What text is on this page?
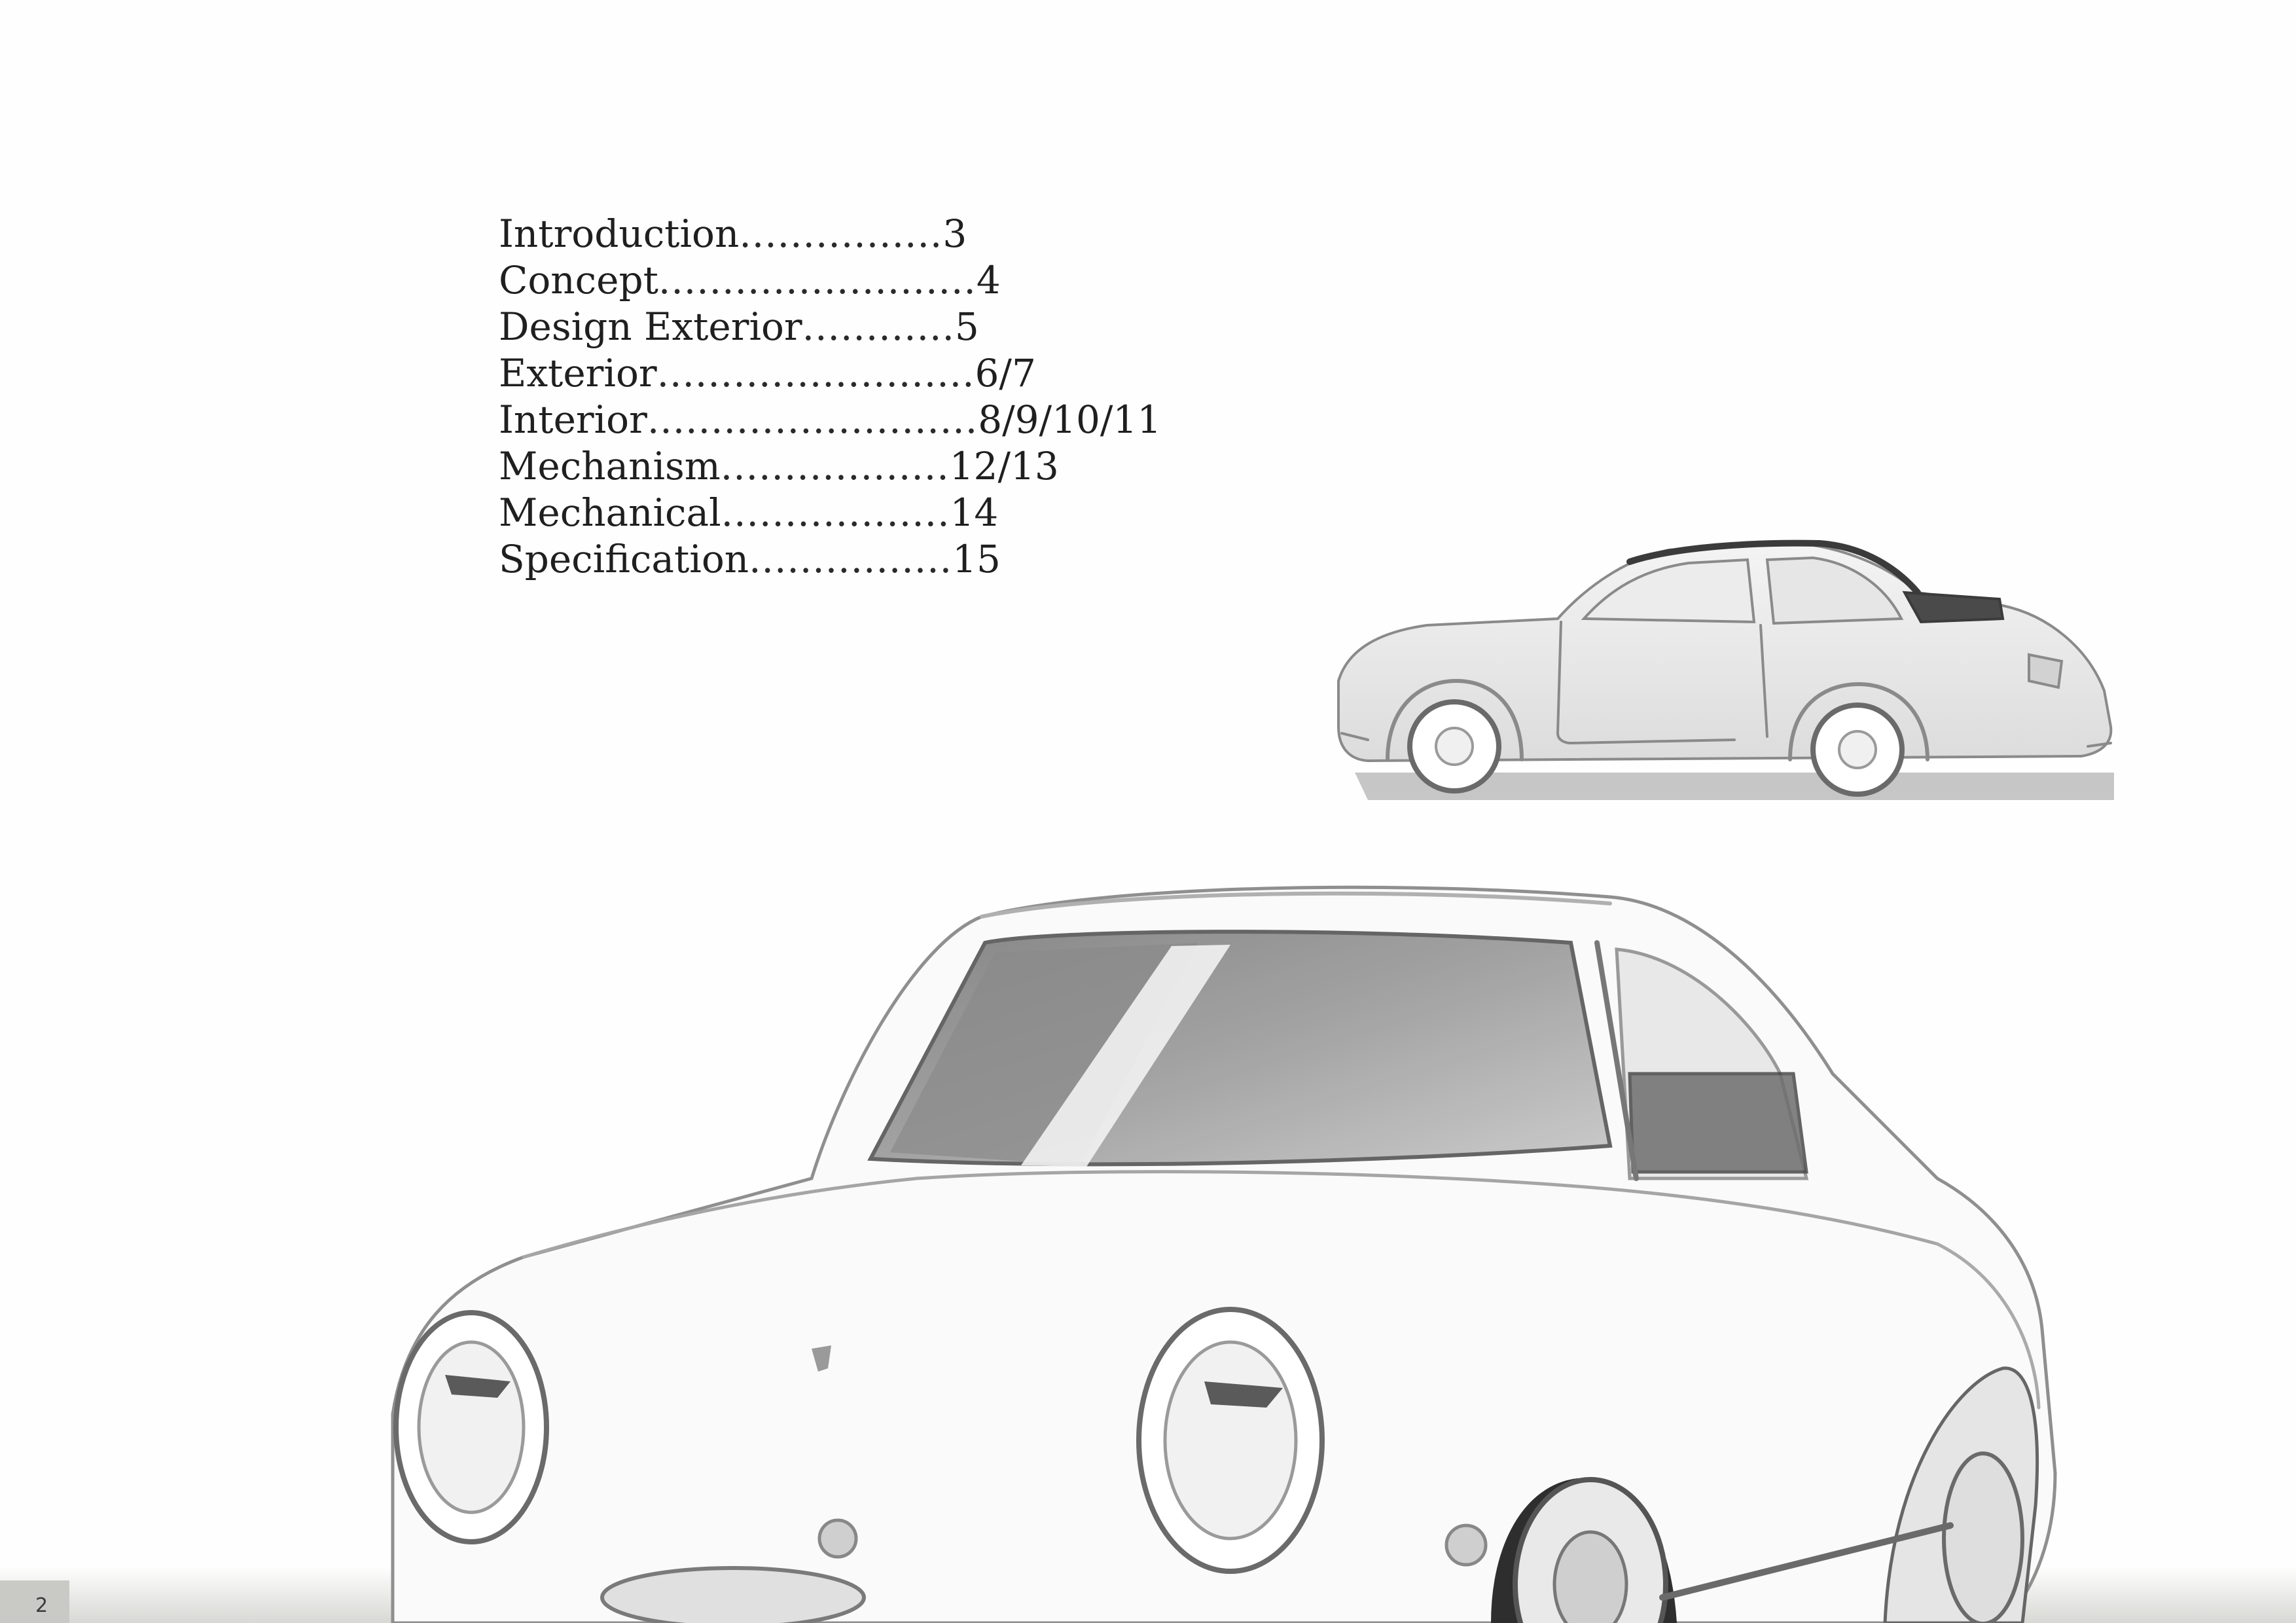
Introduction ................ 3
Concept ......................... 4
Design Exterior ............ 5
Exterior ......................... 6/7
Interior .......................... 8/9/10/11
Mechanism .................. 12/13
Mechanical .................. 14
Specification ................ 15
2
